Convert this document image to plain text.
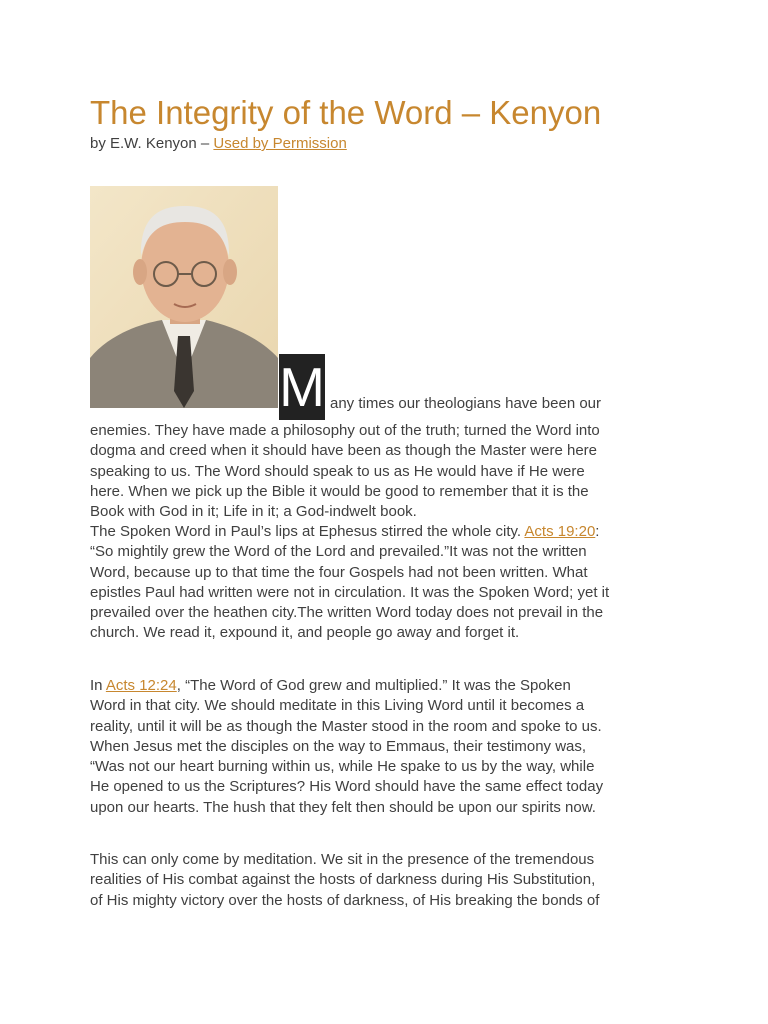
The Integrity of the Word – Kenyon
by E.W. Kenyon – Used by Permission
M any times our theologians have been our
enemies. They have made a philosophy out of the truth; turned the Word into
dogma and creed when it should have been as though the Master were here
speaking to us. The Word should speak to us as He would have if He were
here. When we pick up the Bible it would be good to remember that it is the
Book with God in it; Life in it; a God-indwelt book.
The Spoken Word in Paul’s lips at Ephesus stirred the whole city. Acts 19:20:
“So mightily grew the Word of the Lord and prevailed.”It was not the written
Word, because up to that time the four Gospels had not been written. What
epistles Paul had written were not in circulation. It was the Spoken Word; yet it
prevailed over the heathen city.The written Word today does not prevail in the
church. We read it, expound it, and people go away and forget it.
In Acts 12:24, “The Word of God grew and multiplied.” It was the Spoken
Word in that city. We should meditate in this Living Word until it becomes a
reality, until it will be as though the Master stood in the room and spoke to us.
When Jesus met the disciples on the way to Emmaus, their testimony was,
“Was not our heart burning within us, while He spake to us by the way, while
He opened to us the Scriptures? His Word should have the same effect today
upon our hearts. The hush that they felt then should be upon our spirits now.
This can only come by meditation. We sit in the presence of the tremendous
realities of His combat against the hosts of darkness during His Substitution,
of His mighty victory over the hosts of darkness, of His breaking the bonds of
